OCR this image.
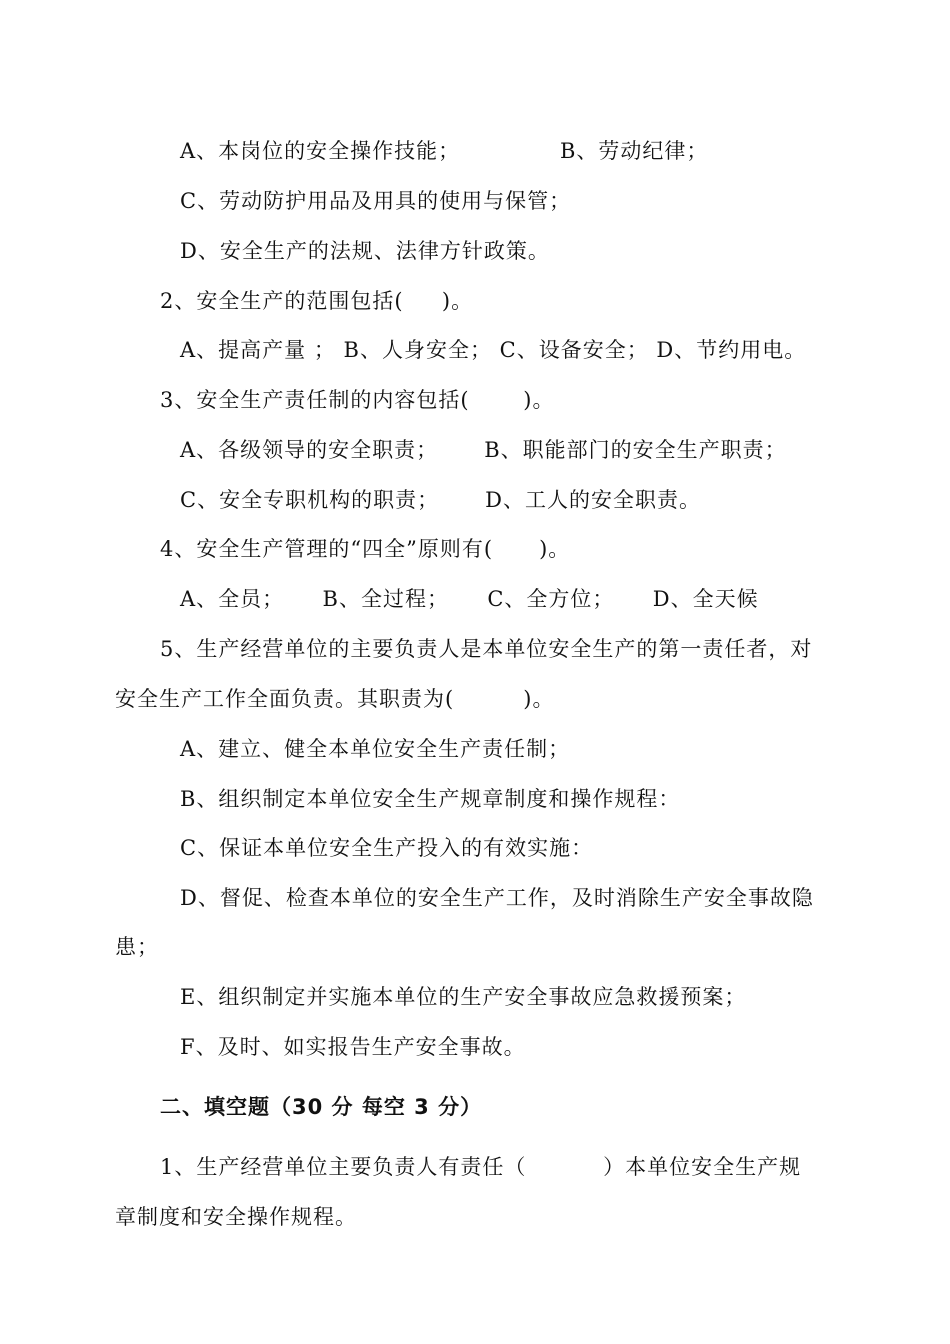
A、本岗位的安全操作技能；             B、劳动纪律；
C、劳动防护用品及用具的使用与保管；
D、安全生产的法规、法律方针政策。
2、安全生产的范围包括(     )。
A、提高产量 ； B、人身安全； C、设备安全； D、节约用电。
3、安全生产责任制的内容包括(       )。
A、各级领导的安全职责；      B、职能部门的安全生产职责；
C、安全专职机构的职责；      D、工人的安全职责。
4、安全生产管理的“四全”原则有(      )。
A、全员；     B、全过程；     C、全方位；     D、全天候
5、生产经营单位的主要负责人是本单位安全生产的第一责任者，对
安全生产工作全面负责。其职责为(         )。
A、建立、健全本单位安全生产责任制；
B、组织制定本单位安全生产规章制度和操作规程：
C、保证本单位安全生产投入的有效实施：
D、督促、检查本单位的安全生产工作，及时消除生产安全事故隐
患；
E、组织制定并实施本单位的生产安全事故应急救援预案；
F、及时、如实报告生产安全事故。
二、填空题（30 分 每空 3 分）
1、生产经营单位主要负责人有责任（          ）本单位安全生产规
章制度和安全操作规程。
